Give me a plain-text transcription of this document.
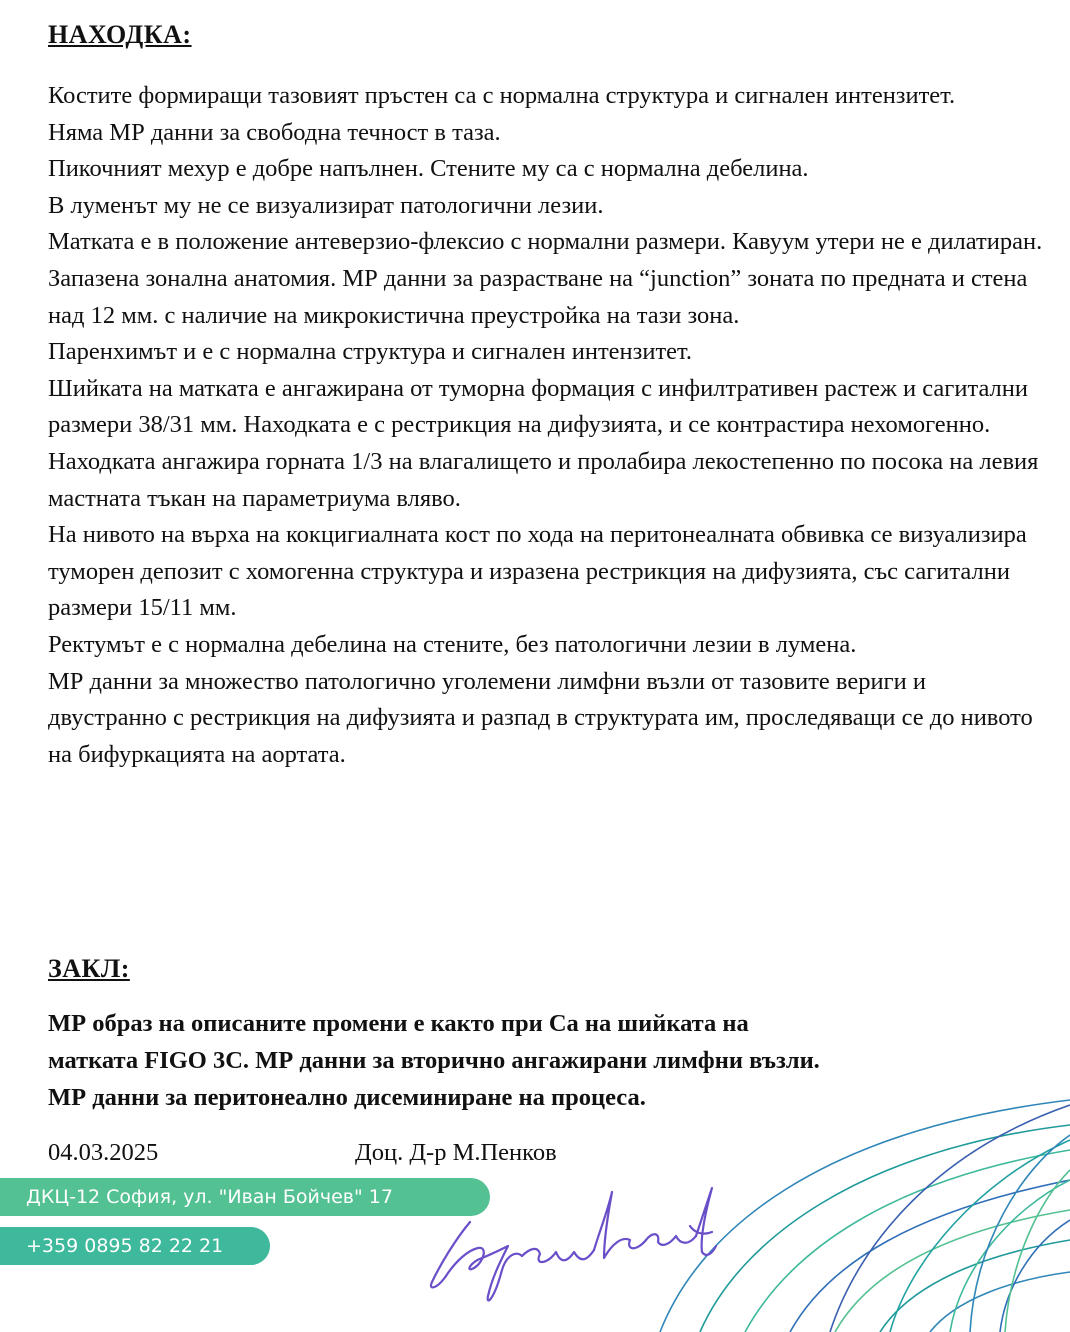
НАХОДКА:

Костите формиращи тазовият пръстен са с нормална структура и сигнален интензитет.

Няма МР данни за свободна течност в таза.

Пикочният мехур е добре напълнен. Стените му са с нормална дебелина.

В луменът му не се визуализират патологични лезии.

Матката е в положение антеверзио-флексио с нормални размери. Кавуум утери не е дилатиран. Запазена зонална анатомия. МР данни за разрастване на “junction” зоната по предната и стена над 12 мм. с наличие на микрокистична преустройка на тази зона.

Паренхимът и е с нормална структура и сигнален интензитет.

Шийката на матката е ангажирана от туморна формация с инфилтративен растеж и сагитални размери 38/31 мм. Находката е с рестрикция на дифузията, и се контрастира нехомогенно.

Находката ангажира горната 1/3 на влагалището и пролабира лекостепенно по посока на левия мастната тъкан на параметриума вляво.

На нивото на върха на кокцигиалната кост по хода на перитонеалната обвивка се визуализира туморен депозит с хомогенна структура и изразена рестрикция на дифузията, със сагитални размери 15/11 мм.

Ректумът е с нормална дебелина на стените, без патологични лезии в лумена.

МР данни за множество патологично уголемени лимфни възли от тазовите вериги и двустранно с рестрикция на дифузията и разпад в структурата им, проследяващи се до нивото на бифуркацията на аортата.

ЗАКЛ:

МР образ на описаните промени е както при Са на шийката на

матката FIGO 3C. МР данни за вторично ангажирани лимфни възли.

МР данни за перитонеално дисеминиране на процеса.

04.03.2025	Доц. Д-р М.Пенков
ДКЦ-12 София, ул. "Иван Бойчев" 17
+359 0895 82 22 21
